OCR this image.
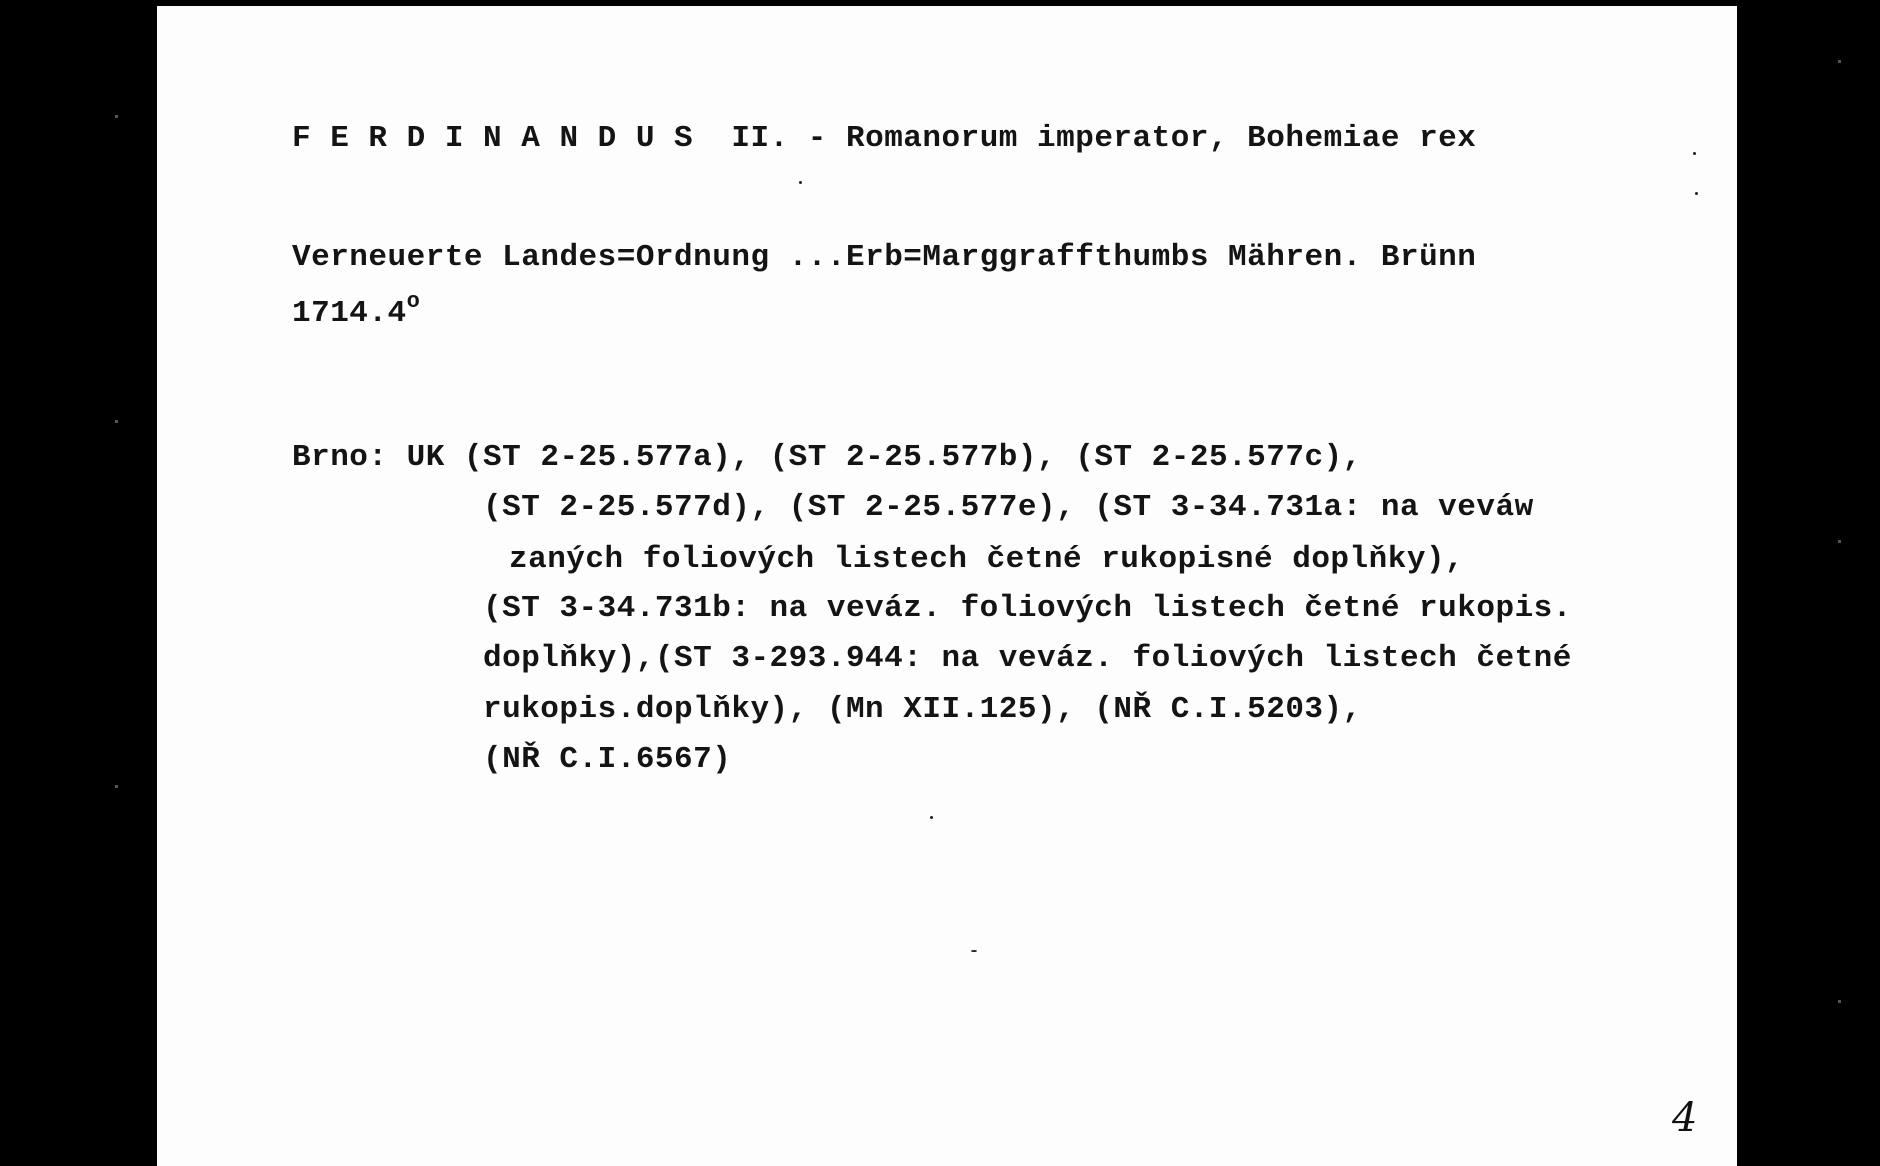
F E R D I N A N D U S  II. - Romanorum imperator, Bohemiae rex
Verneuerte Landes=Ordnung ...Erb=Marggraffthumbs Mähren. Brünn
1714.4$^o$
Brno: UK (ST 2-25.577a), (ST 2-25.577b), (ST 2-25.577c),
(ST 2-25.577d), (ST 2-25.577e), (ST 3-34.731a: na veváw
zaných foliových listech četné rukopisné doplňky),
(ST 3-34.731b: na veváz. foliových listech četné rukopis.
doplňky),(ST 3-293.944: na veváz. foliových listech četné
rukopis.doplňky), (Mn XII.125), (NŘ C.I.5203),
(NŘ C.I.6567)
4
